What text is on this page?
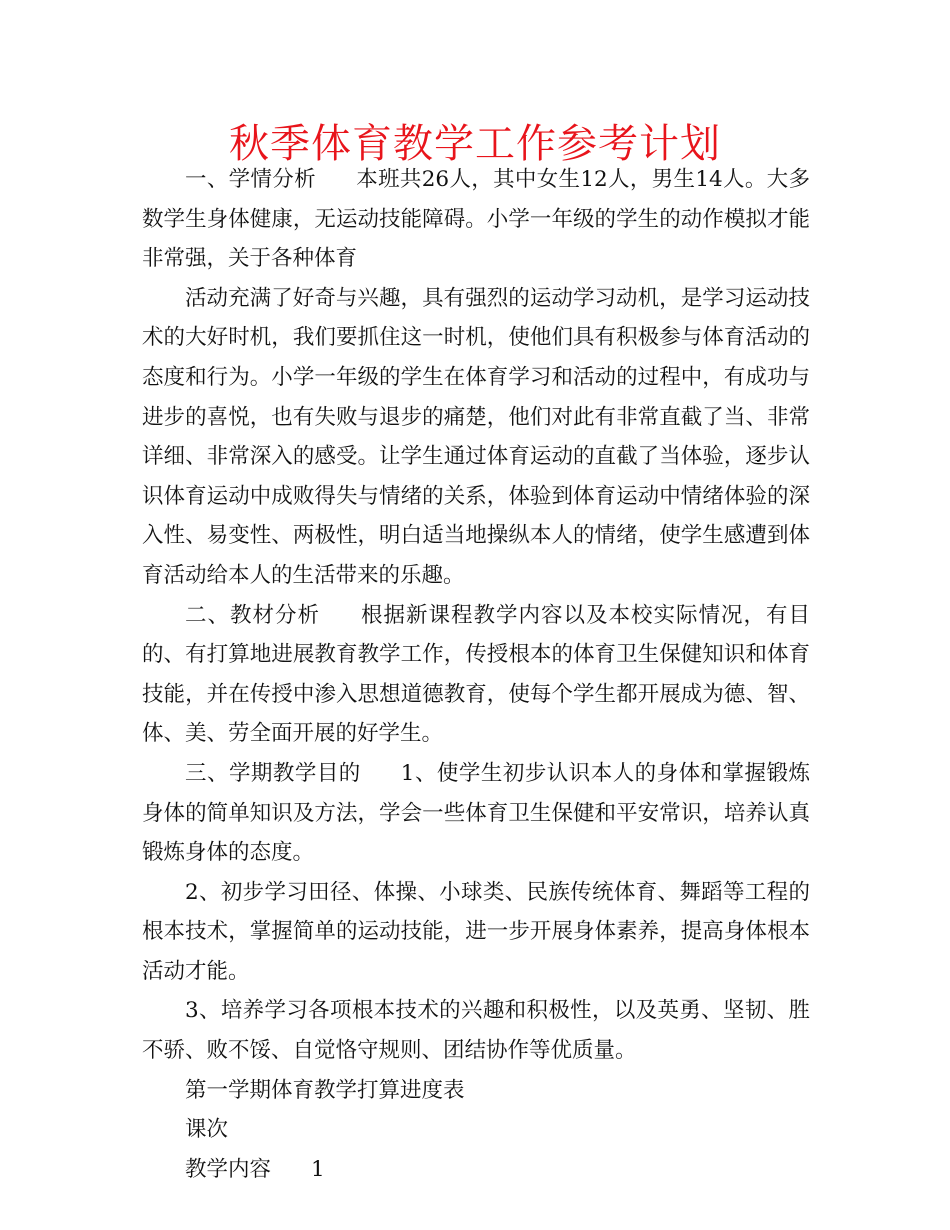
秋季体育教学工作参考计划

一、学情分析 本班共26人，其中女生12人，男生14人。大多数学生身体健康，无运动技能障碍。小学一年级的学生的动作模拟才能非常强，关于各种体育

活动充满了好奇与兴趣，具有强烈的运动学习动机，是学习运动技术的大好时机，我们要抓住这一时机，使他们具有积极参与体育活动的态度和行为。小学一年级的学生在体育学习和活动的过程中，有成功与进步的喜悦，也有失败与退步的痛楚，他们对此有非常直截了当、非常详细、非常深入的感受。让学生通过体育运动的直截了当体验，逐步认识体育运动中成败得失与情绪的关系，体验到体育运动中情绪体验的深入性、易变性、两极性，明白适当地操纵本人的情绪，使学生感遭到体育活动给本人的生活带来的乐趣。

二、教材分析 根据新课程教学内容以及本校实际情况，有目的、有打算地进展教育教学工作，传授根本的体育卫生保健知识和体育技能，并在传授中渗入思想道德教育，使每个学生都开展成为德、智、体、美、劳全面开展的好学生。

三、学期教学目的 1、使学生初步认识本人的身体和掌握锻炼身体的简单知识及方法，学会一些体育卫生保健和平安常识，培养认真锻炼身体的态度。

2、初步学习田径、体操、小球类、民族传统体育、舞蹈等工程的根本技术，掌握简单的运动技能，进一步开展身体素养，提高身体根本活动才能。

3、培养学习各项根本技术的兴趣和积极性，以及英勇、坚韧、胜不骄、败不馁、自觉恪守规则、团结协作等优质量。

第一学期体育教学打算进度表

课次

教学内容 1
